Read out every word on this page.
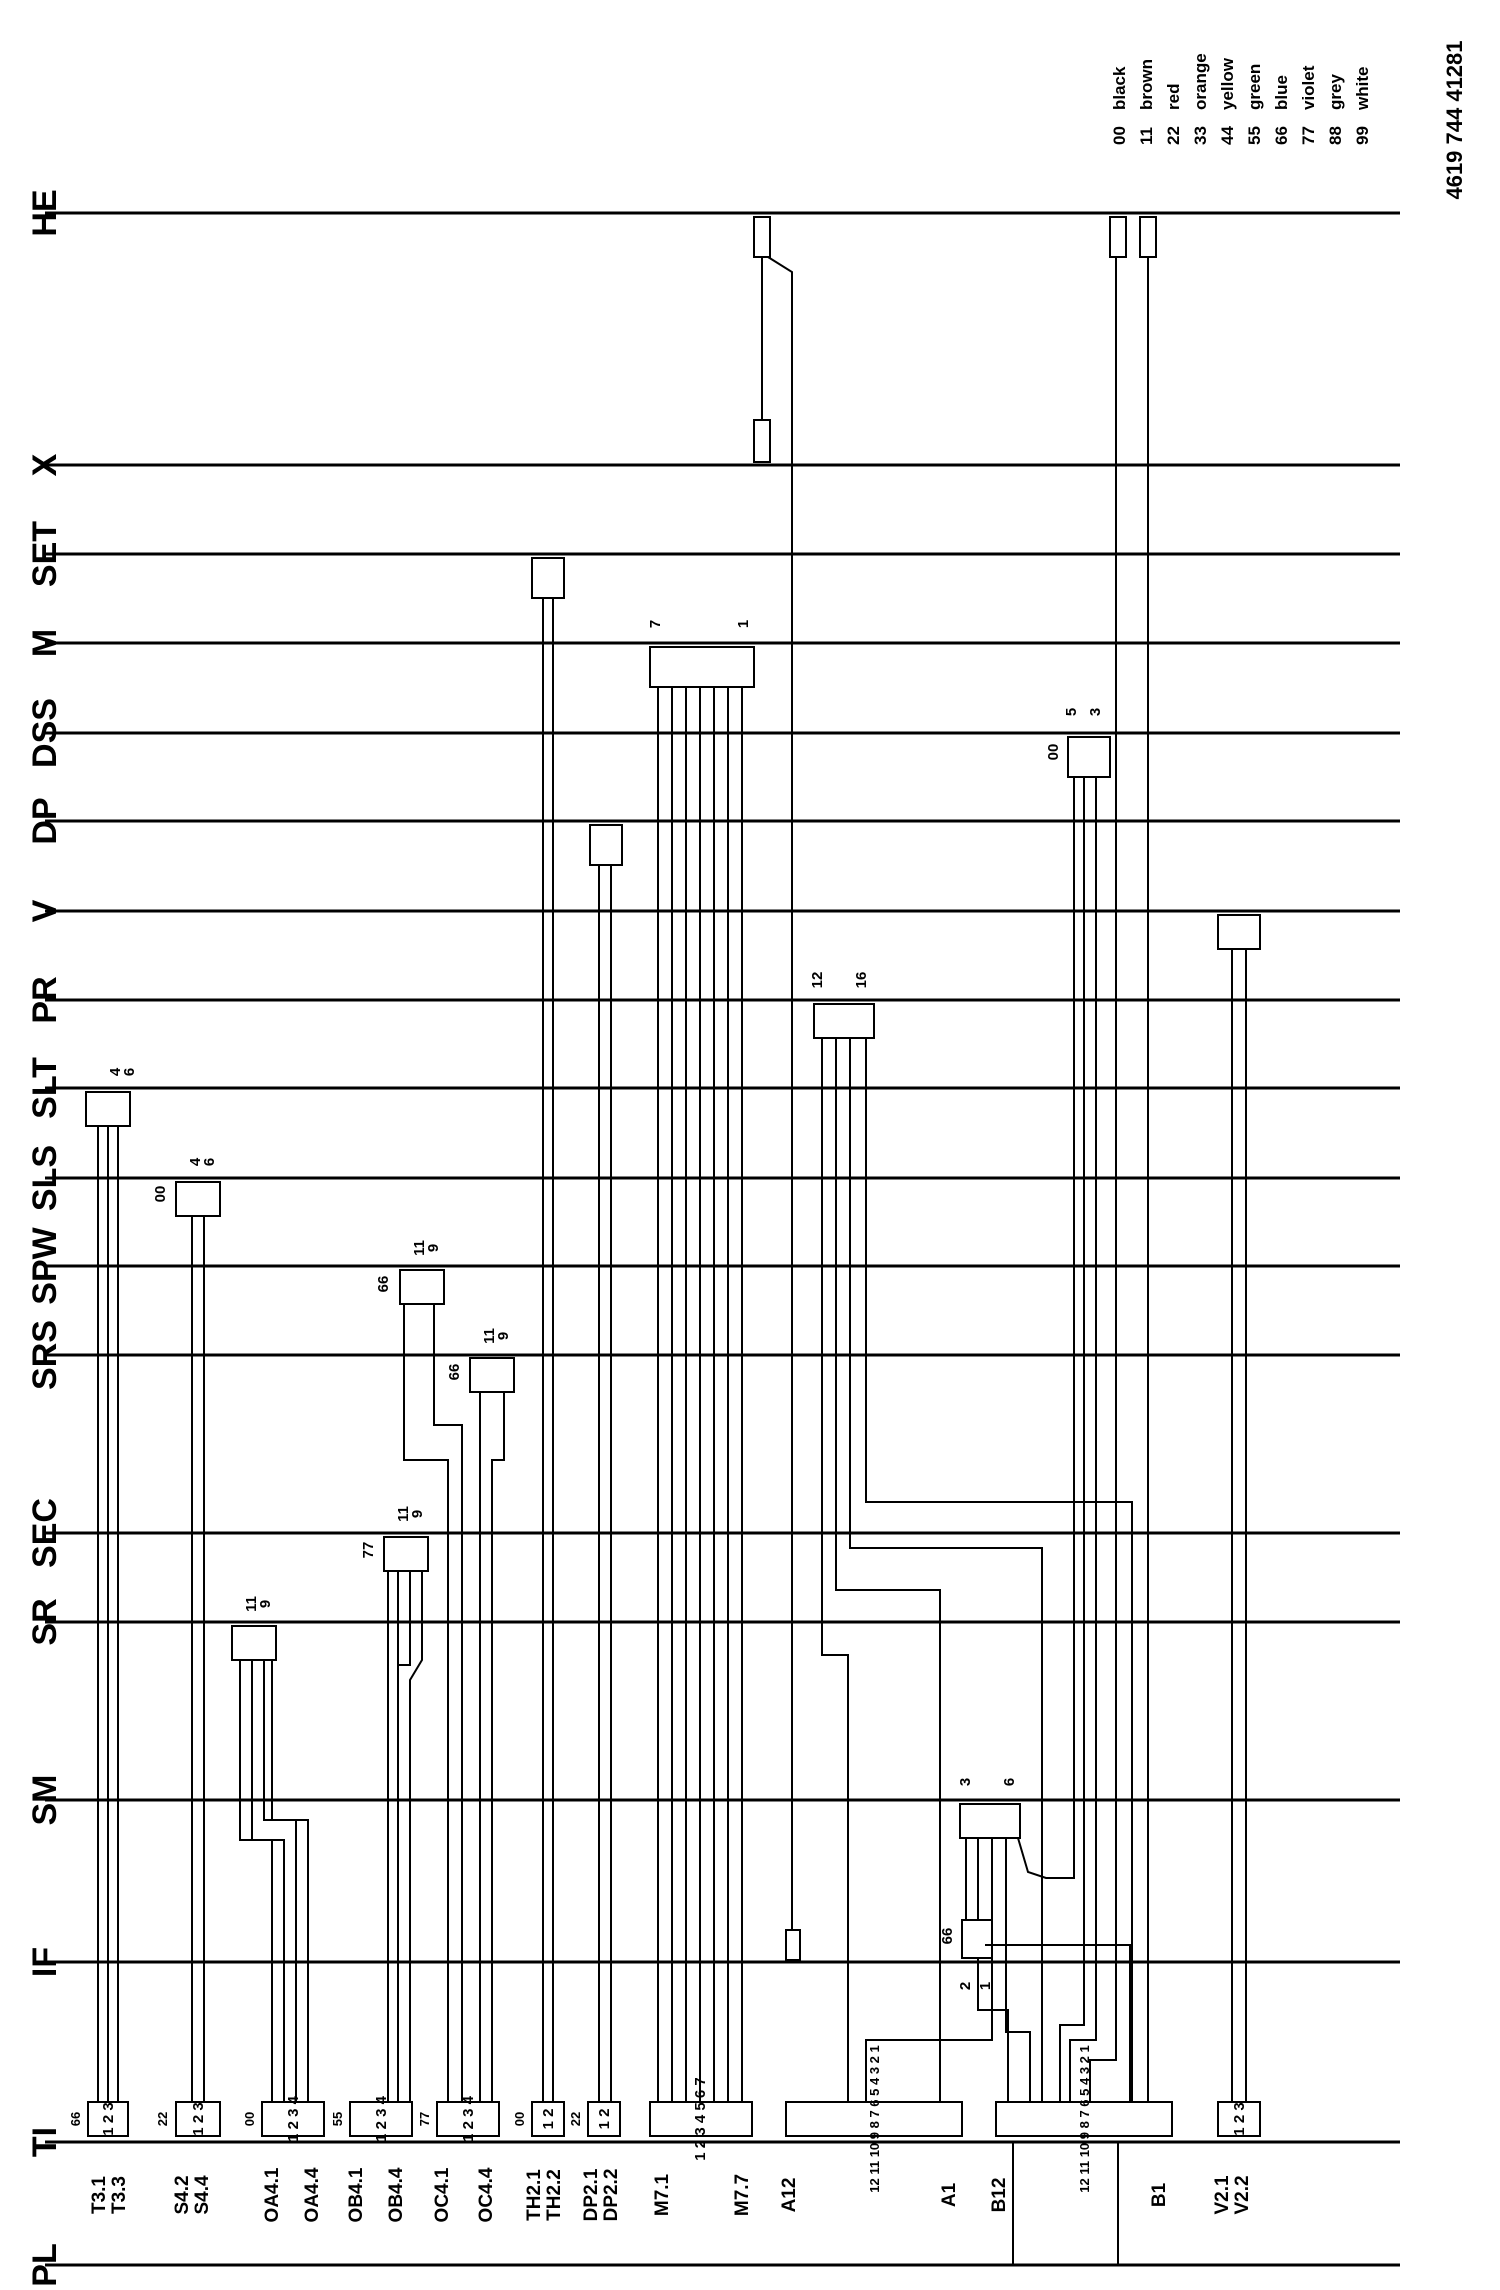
PL
TI
IF
SM
SR
SEC
SRS
SPW
SLS
SLT
PR
V
DP
DSS
M
SET
X
HE
T3.1 T3.3 S4.2 S4.4	OA4.1 OA4.4 OB4.1 OB4.4 OC4.1 OC4.4 TH2.1 TH2.2 DP2.1 DP2.2 M7.1	M7.7 A12	A1 B12	B1 V2.1 V2.2
1 2 3
66	1 2 3
22	1 2 3 4
00	1 2 3 4
55	1 2 3 4
77	1 2
00	1 2
22	1 2 3 4 5 6 7	12 11 10 9 8 7 6 5 4 3 2 1	12 11 10 9 8 7 6 5 4 3 2 1	1 2 3
4
6
00
4
6
66
11
9
66
11
9
77
11
9
11
9
3 6
66
2 1
12 16
00
5 3
7	1
00
black
11
brown
22
red
33
orange
44
yellow
55
green
66
blue
77
violet
88
grey
99
white	4619 744 41281
